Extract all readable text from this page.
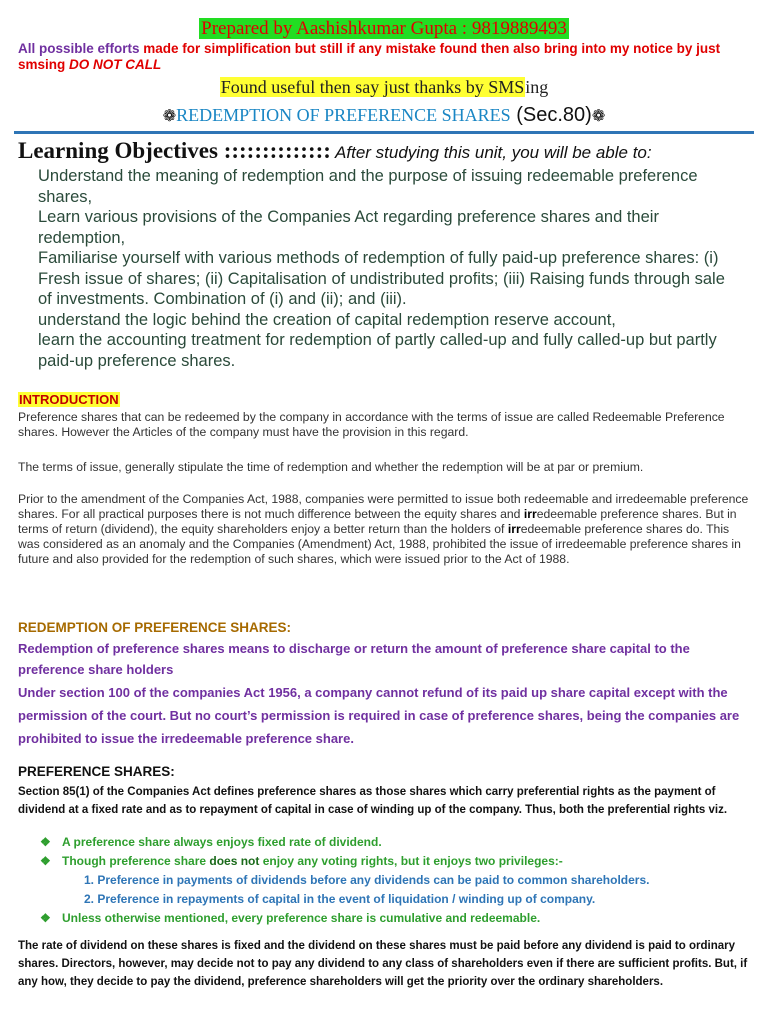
Prepared by Aashishkumar Gupta : 9819889493
All possible efforts made for simplification but still if any mistake found then also bring into my notice by just smsing DO NOT CALL
Found useful then say just thanks by SMSing
❁REDEMPTION OF PREFERENCE SHARES (Sec.80)❁
Learning Objectives :::::::::::::: After studying this unit, you will be able to:
Understand the meaning of redemption and the purpose of issuing redeemable preference shares,
Learn various provisions of the Companies Act regarding preference shares and their redemption,
Familiarise yourself with various methods of redemption of fully paid-up preference shares: (i) Fresh issue of shares; (ii) Capitalisation of undistributed profits; (iii) Raising funds through sale of investments. Combination of (i) and (ii); and (iii).
understand the logic behind the creation of capital redemption reserve account,
learn the accounting treatment for redemption of partly called-up and fully called-up but partly paid-up preference shares.
INTRODUCTION
Preference shares that can be redeemed by the company in accordance with the terms of issue are called Redeemable Preference shares. However the Articles of the company must have the provision in this regard.
The terms of issue, generally stipulate the time of redemption and whether the redemption will be at par or premium.
Prior to the amendment of the Companies Act, 1988, companies were permitted to issue both redeemable and irredeemable preference shares. For all practical purposes there is not much difference between the equity shares and irredeemable preference shares. But in terms of return (dividend), the equity shareholders enjoy a better return than the holders of irredeemable preference shares do. This was considered as an anomaly and the Companies (Amendment) Act, 1988, prohibited the issue of irredeemable preference shares in future and also provided for the redemption of such shares, which were issued prior to the Act of 1988.
REDEMPTION OF PREFERENCE SHARES:
Redemption of preference shares means to discharge or return the amount of preference share capital to the preference share holders
Under section 100 of the companies Act 1956, a company cannot refund of its paid up share capital except with the permission of the court. But no court’s permission is required in case of preference shares, being the companies are prohibited to issue the irredeemable preference share.
PREFERENCE SHARES:
Section 85(1) of the Companies Act defines preference shares as those shares which carry preferential rights as the payment of dividend at a fixed rate and as to repayment of capital in case of winding up of the company. Thus, both the preferential rights viz.
❖ A preference share always enjoys fixed rate of dividend.
❖ Though preference share does not enjoy any voting rights, but it enjoys two privileges:-
1. Preference in payments of dividends before any dividends can be paid to common shareholders.
2. Preference in repayments of capital in the event of liquidation / winding up of company.
❖ Unless otherwise mentioned, every preference share is cumulative and redeemable.
The rate of dividend on these shares is fixed and the dividend on these shares must be paid before any dividend is paid to ordinary shares. Directors, however, may decide not to pay any dividend to any class of shareholders even if there are sufficient profits. But, if any how, they decide to pay the dividend, preference shareholders will get the priority over the ordinary shareholders.
